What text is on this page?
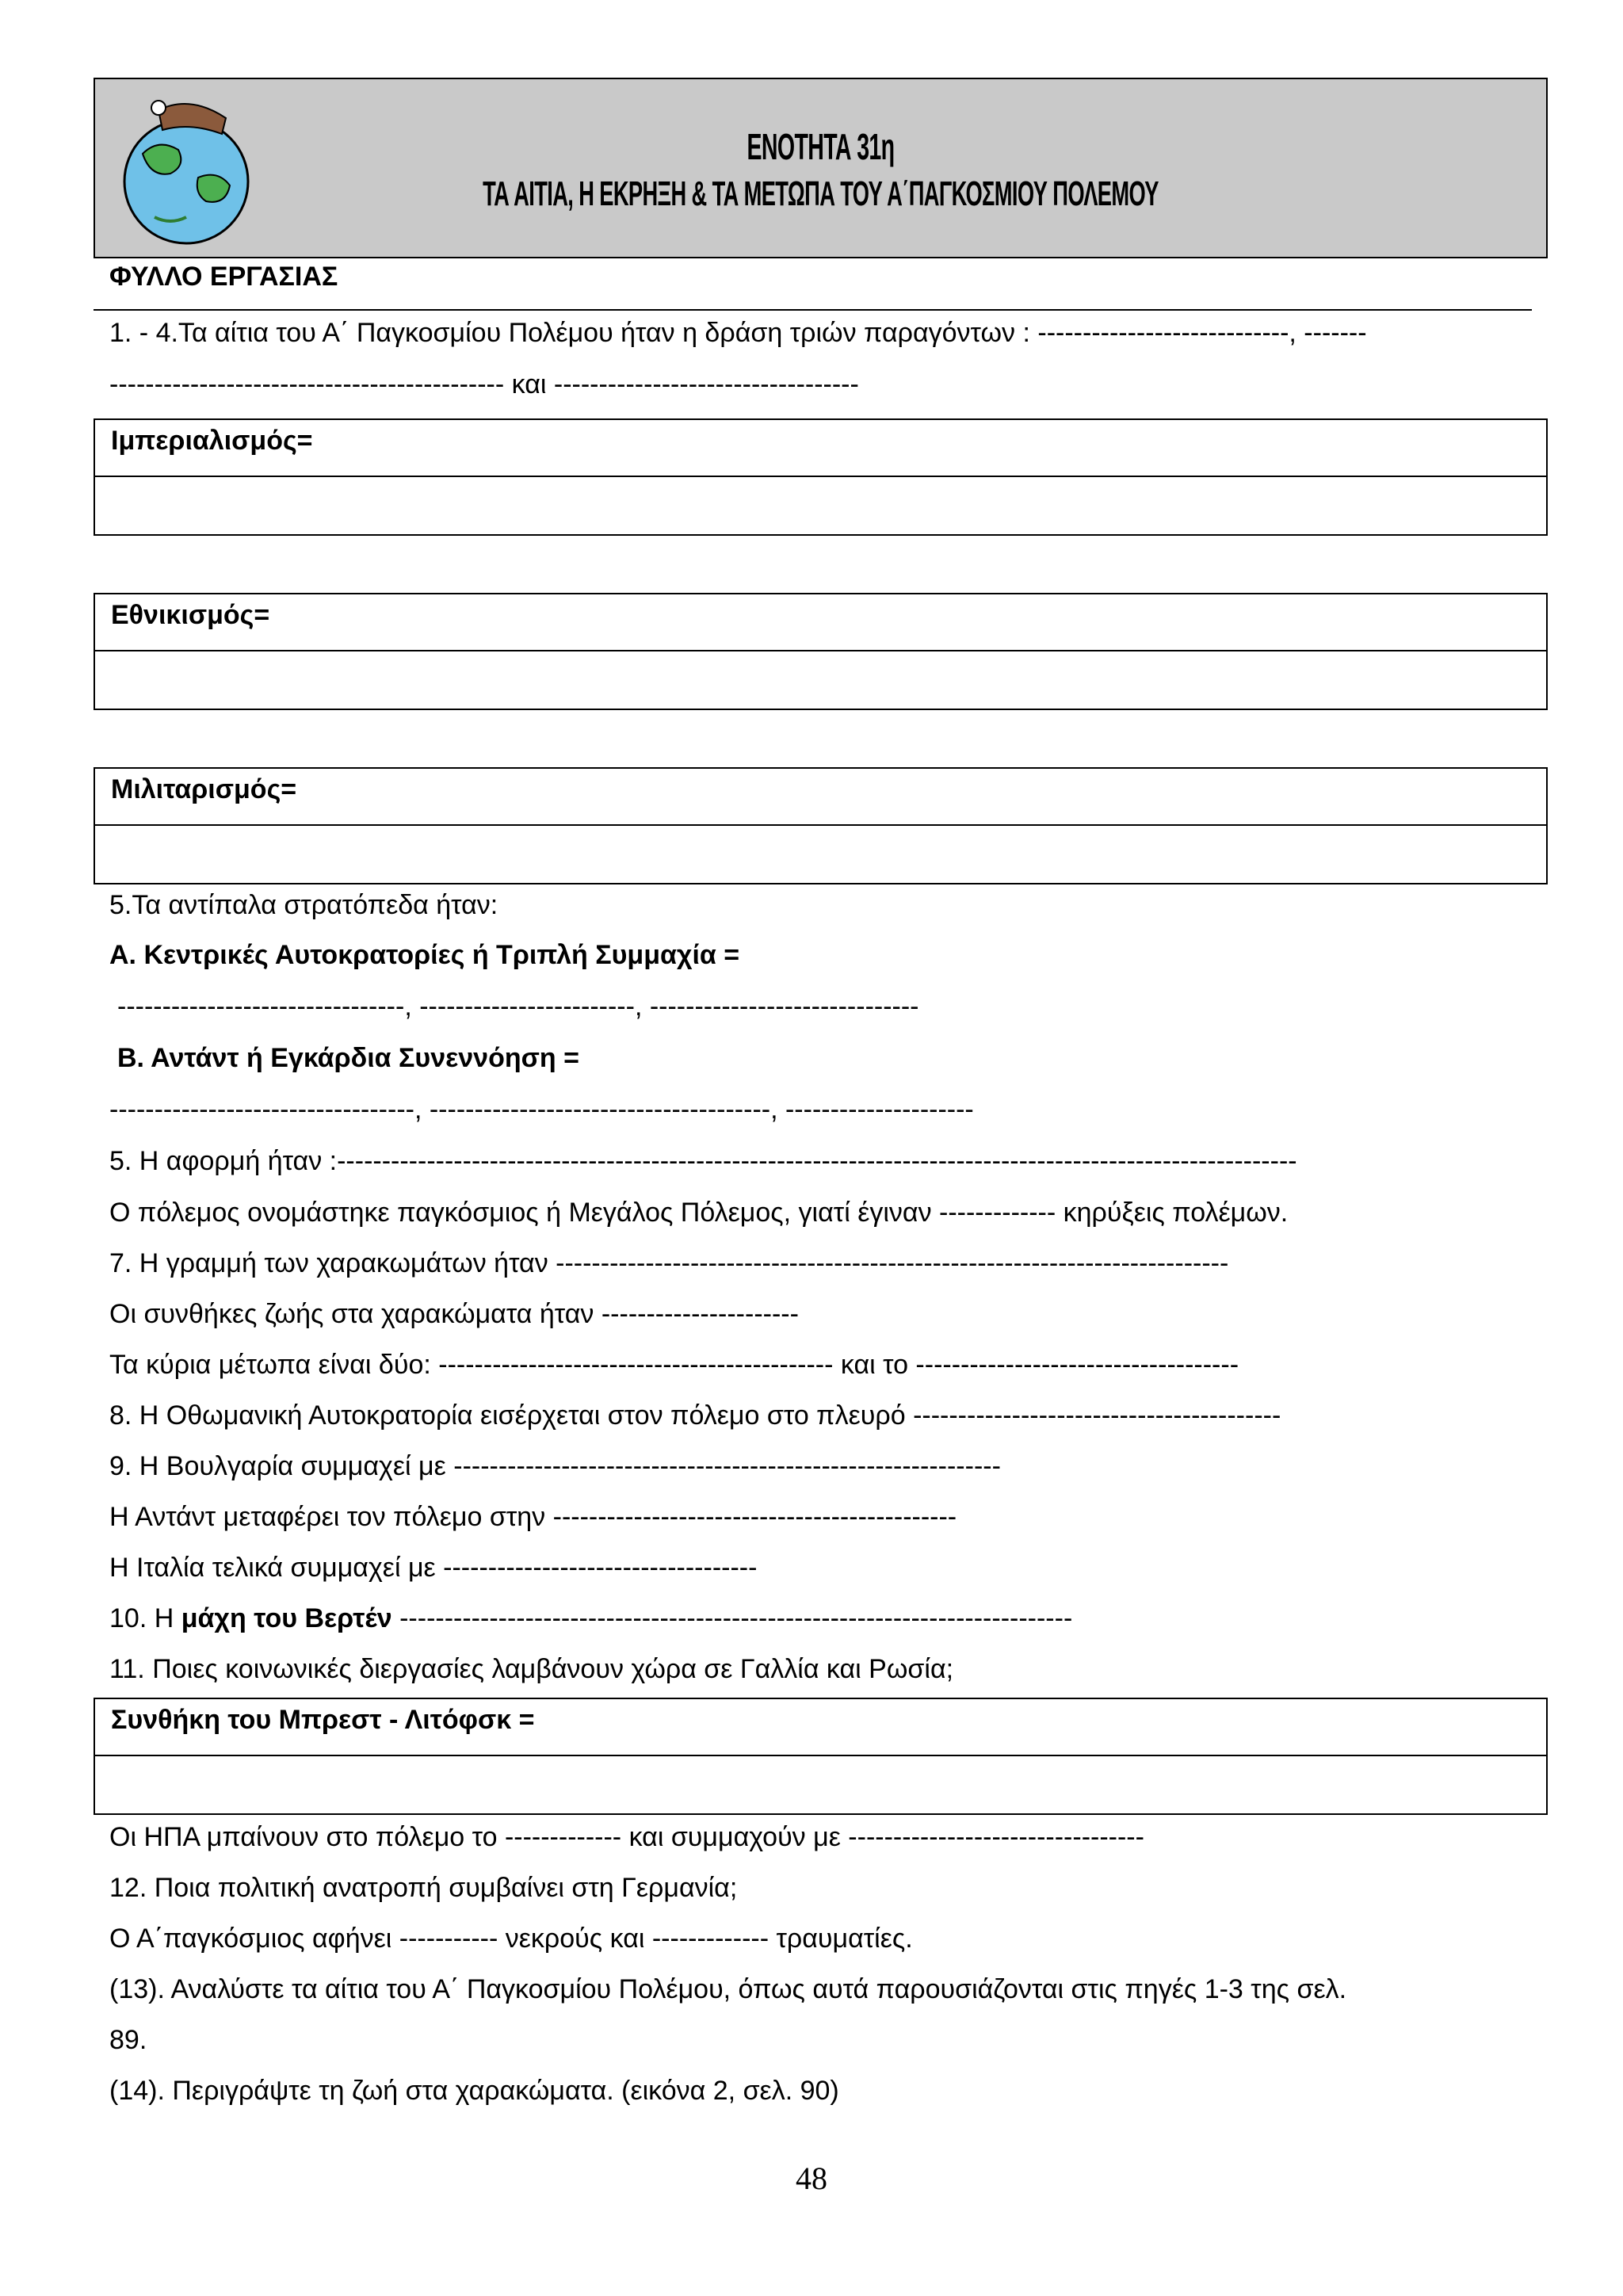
ΕΝΟΤΗΤΑ 31η
ΤΑ ΑΙΤΙΑ, Η ΕΚΡΗΞΗ & ΤΑ ΜΕΤΩΠΑ ΤΟΥ Α΄ΠΑΓΚΟΣΜΙΟΥ ΠΟΛΕΜΟΥ
ΦΥΛΛΟ ΕΡΓΑΣΙΑΣ
1. - 4.Τα αίτια του Α΄ Παγκοσμίου Πολέμου ήταν η δράση τριών παραγόντων : ----------------------------, -------
-------------------------------------------- και ----------------------------------
Ιμπεριαλισμός=
Εθνικισμός=
Μιλιταρισμός=
5.Τα αντίπαλα στρατόπεδα ήταν:
Α. Κεντρικές Αυτοκρατορίες ή Τριπλή Συμμαχία =
--------------------------------, ------------------------, ------------------------------
Β. Αντάντ ή Εγκάρδια Συνεννόηση =
----------------------------------, --------------------------------------, ---------------------
5. Η αφορμή ήταν :-----------------------------------------------------------------------------------------------------------
Ο πόλεμος ονομάστηκε παγκόσμιος ή Μεγάλος Πόλεμος, γιατί έγιναν ------------- κηρύξεις πολέμων.
7. Η γραμμή των χαρακωμάτων ήταν ---------------------------------------------------------------------------
Οι συνθήκες ζωής στα χαρακώματα ήταν ----------------------
Τα κύρια μέτωπα είναι δύο: -------------------------------------------- και το ------------------------------------
8. Η Οθωμανική Αυτοκρατορία εισέρχεται στον πόλεμο στο πλευρό -----------------------------------------
9. Η Βουλγαρία συμμαχεί με -------------------------------------------------------------
Η Αντάντ μεταφέρει τον πόλεμο στην ---------------------------------------------
Η Ιταλία τελικά συμμαχεί με -----------------------------------
10. Η μάχη του Βερτέν ---------------------------------------------------------------------------
11. Ποιες κοινωνικές διεργασίες λαμβάνουν χώρα σε Γαλλία και Ρωσία;
Συνθήκη του Μπρεστ - Λιτόφσκ =
Οι ΗΠΑ μπαίνουν στο πόλεμο το ------------- και συμμαχούν με ---------------------------------
12. Ποια πολιτική ανατροπή συμβαίνει στη Γερμανία;
Ο Α΄παγκόσμιος αφήνει ----------- νεκρούς και ------------- τραυματίες.
(13). Αναλύστε τα αίτια του Α΄ Παγκοσμίου Πολέμου, όπως αυτά παρουσιάζονται στις πηγές 1-3 της σελ.
89.
(14). Περιγράψτε τη ζωή στα χαρακώματα. (εικόνα 2, σελ. 90)
48
